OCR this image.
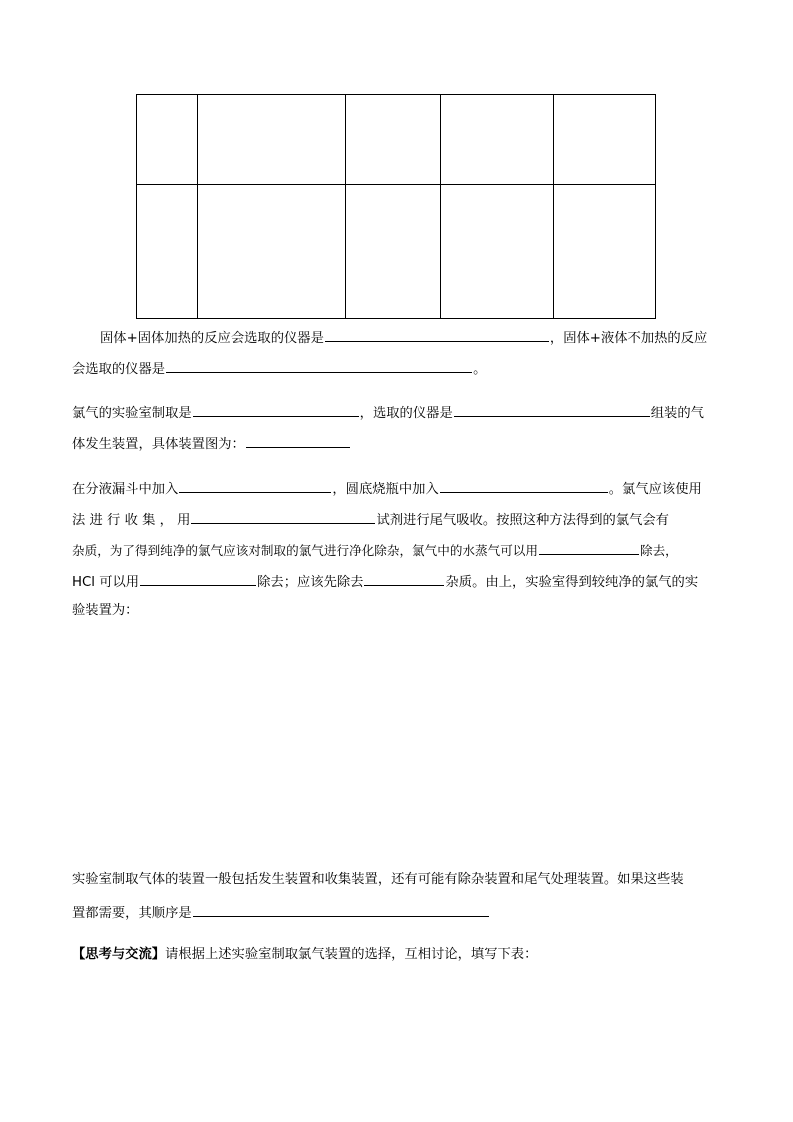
固体+固体加热的反应会选取的仪器是	，固体+液体不加热的反应
会选取的仪器是	。
氯气的实验室制取是	，选取的仪器是	组装的气
体发生装置，具体装置图为：
在分液漏斗中加入	，圆底烧瓶中加入	。氯气应该使用
法 进 行 收 集 ， 用	试剂进行尾气吸收。按照这种方法得到的氯气会有
杂质，为了得到纯净的氯气应该对制取的氯气进行净化除杂，氯气中的水蒸气可以用	除去，
HCl 可以用	除去；应该先除去	杂质。由上，实验室得到较纯净的氯气的实
验装置为：
实验室制取气体的装置一般包括发生装置和收集装置，还有可能有除杂装置和尾气处理装置。如果这些装
置都需要，其顺序是
【思考与交流】请根据上述实验室制取氯气装置的选择，互相讨论，填写下表：
